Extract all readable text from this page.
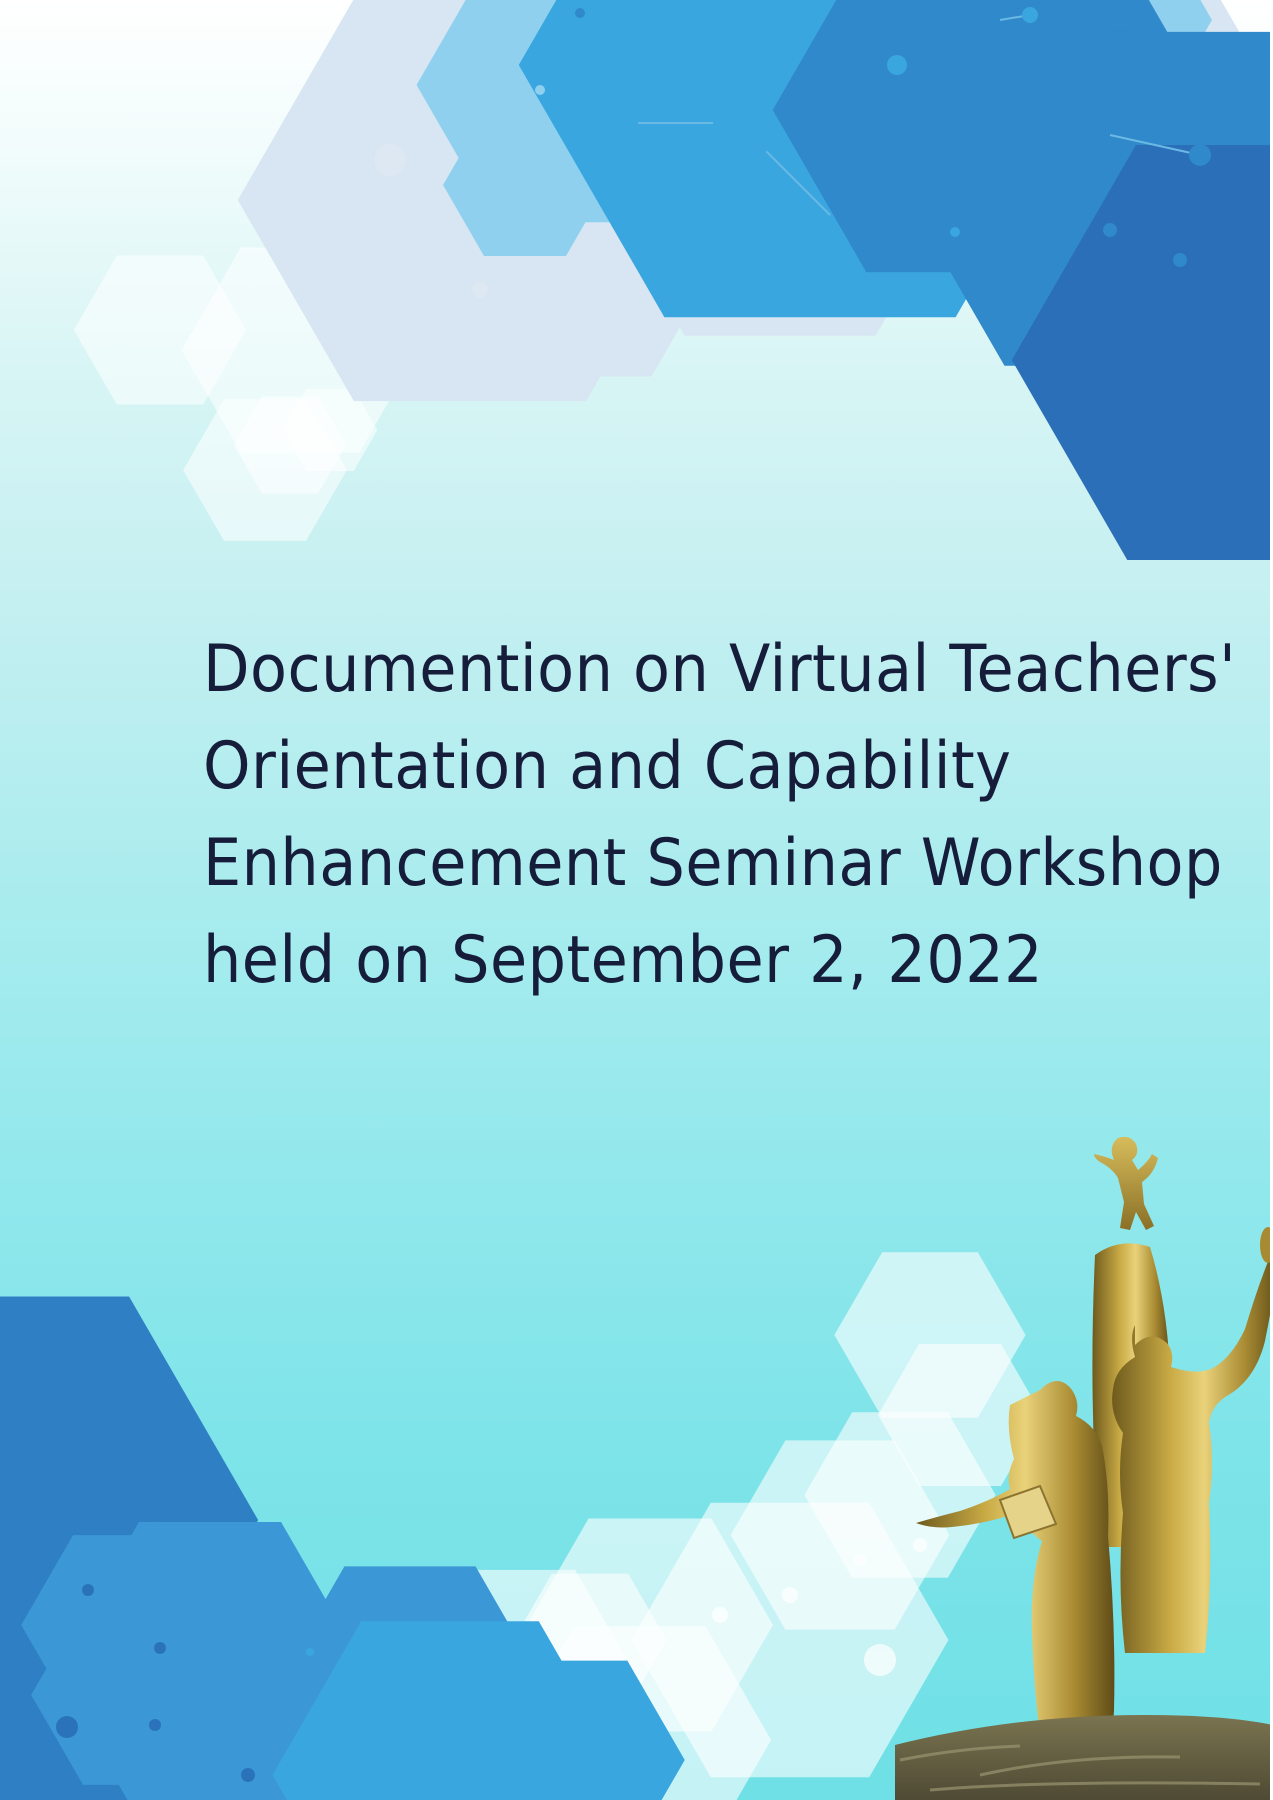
Documention on Virtual Teachers'
Orientation and Capability
Enhancement Seminar Workshop
held on September 2, 2022
